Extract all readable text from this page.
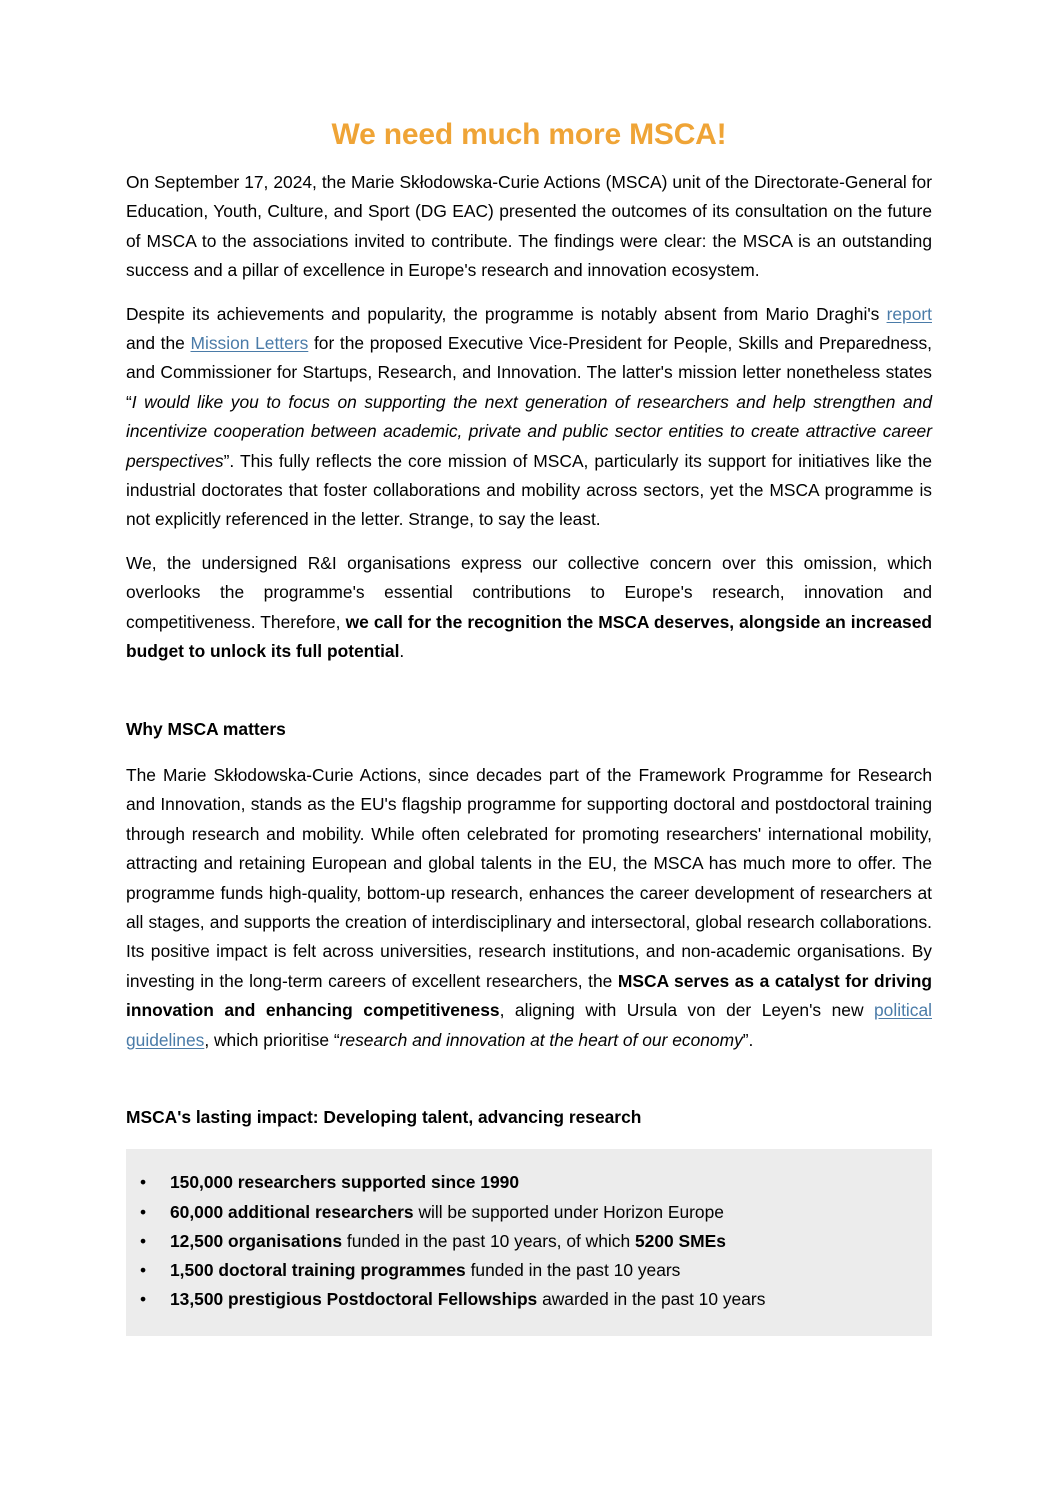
We need much more MSCA!

On September 17, 2024, the Marie Skłodowska-Curie Actions (MSCA) unit of the Directorate-General for Education, Youth, Culture, and Sport (DG EAC) presented the outcomes of its consultation on the future of MSCA to the associations invited to contribute. The findings were clear: the MSCA is an outstanding success and a pillar of excellence in Europe's research and innovation ecosystem.

Despite its achievements and popularity, the programme is notably absent from Mario Draghi's report and the Mission Letters for the proposed Executive Vice-President for People, Skills and Preparedness, and Commissioner for Startups, Research, and Innovation. The latter's mission letter nonetheless states “I would like you to focus on supporting the next generation of researchers and help strengthen and incentivize cooperation between academic, private and public sector entities to create attractive career perspectives”. This fully reflects the core mission of MSCA, particularly its support for initiatives like the industrial doctorates that foster collaborations and mobility across sectors, yet the MSCA programme is not explicitly referenced in the letter. Strange, to say the least.

We, the undersigned R&I organisations express our collective concern over this omission, which overlooks the programme's essential contributions to Europe's research, innovation and competitiveness. Therefore, we call for the recognition the MSCA deserves, alongside an increased budget to unlock its full potential.

Why MSCA matters

The Marie Skłodowska-Curie Actions, since decades part of the Framework Programme for Research and Innovation, stands as the EU's flagship programme for supporting doctoral and postdoctoral training through research and mobility. While often celebrated for promoting researchers' international mobility, attracting and retaining European and global talents in the EU, the MSCA has much more to offer. The programme funds high-quality, bottom-up research, enhances the career development of researchers at all stages, and supports the creation of interdisciplinary and intersectoral, global research collaborations. Its positive impact is felt across universities, research institutions, and non-academic organisations. By investing in the long-term careers of excellent researchers, the MSCA serves as a catalyst for driving innovation and enhancing competitiveness, aligning with Ursula von der Leyen's new political guidelines, which prioritise “research and innovation at the heart of our economy”.

MSCA's lasting impact: Developing talent, advancing research
• 150,000 researchers supported since 1990
• 60,000 additional researchers will be supported under Horizon Europe
• 12,500 organisations funded in the past 10 years, of which 5200 SMEs
• 1,500 doctoral training programmes funded in the past 10 years
• 13,500 prestigious Postdoctoral Fellowships awarded in the past 10 years
